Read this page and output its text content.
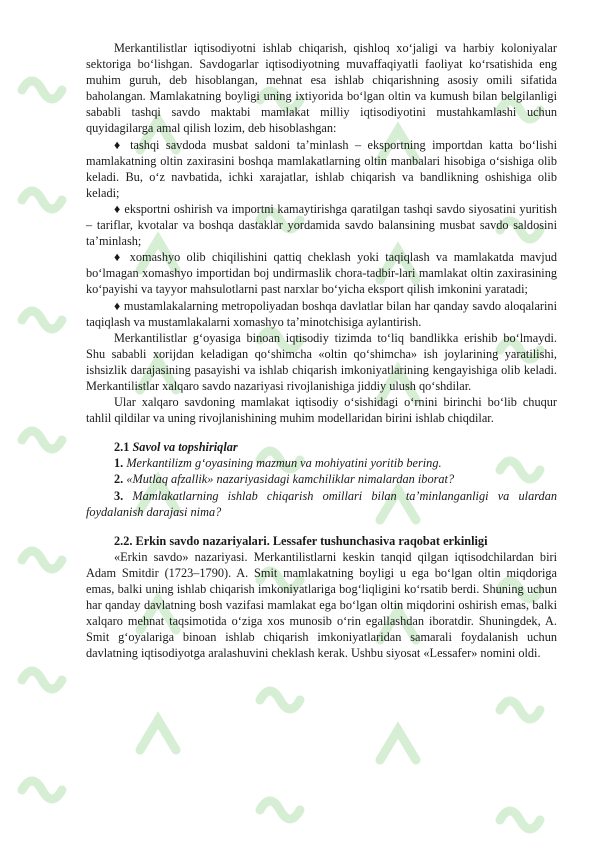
Merkantilistlar iqtisodiyotni ishlab chiqarish, qishloq xo‘jaligi va harbiy koloniyalar sektoriga bo‘lishgan. Savdogarlar iqtisodiyotning muvaffaqiyatli faoliyat ko‘rsatishida eng muhim guruh, deb hisoblangan, mehnat esa ishlab chiqarishning asosiy omili sifatida baholangan. Mamlakatning boyligi uning ixtiyorida bo‘lgan oltin va kumush bilan belgilanligi sababli tashqi savdo maktabi mamlakat milliy iqtisodiyotini mustahkamlashi uchun quyidagilarga amal qilish lozim, deb hisoblashgan:

♦ tashqi savdoda musbat saldoni ta’minlash – eksportning importdan katta bo‘lishi mamlakatning oltin zaxirasini boshqa mamlakatlarning oltin manbalari hisobiga o‘sishiga olib keladi. Bu, o‘z navbatida, ichki xarajatlar, ishlab chiqarish va bandlikning oshishiga olib keladi;

♦ eksportni oshirish va importni kamaytirishga qaratilgan tashqi savdo siyosatini yuritish – tariflar, kvotalar va boshqa dastaklar yordamida savdo balansining musbat savdo saldosini ta’minlash;

♦ xomashyo olib chiqilishini qattiq cheklash yoki taqiqlash va mamlakatda mavjud bo‘lmagan xomashyo importidan boj undirmaslik chora-tadbir-lari mamlakat oltin zaxirasining ko‘payishi va tayyor mahsulotlarni past narxlar bo‘yicha eksport qilish imkonini yaratadi;

♦ mustamlakalarning metropoliyadan boshqa davlatlar bilan har qanday savdo aloqalarini taqiqlash va mustamlakalarni xomashyo ta’minotchisiga aylantirish.

Merkantilistlar g‘oyasiga binoan iqtisodiy tizimda to‘liq bandlikka erishib bo‘lmaydi. Shu sababli xorijdan keladigan qo‘shimcha «oltin qo‘shimcha» ish joylarining yaratilishi, ishsizlik darajasining pasayishi va ishlab chiqarish imkoniyatlarining kengayishiga olib keladi. Merkantilistlar xalqaro savdo nazariyasi rivojlanishiga jiddiy ulush qo‘shdilar.

Ular xalqaro savdoning mamlakat iqtisodiy o‘sishidagi o‘rnini birinchi bo‘lib chuqur tahlil qildilar va uning rivojlanishining muhim modellaridan birini ishlab chiqdilar.

2.1 Savol va topshiriqlar

1. Merkantilizm g‘oyasining mazmun va mohiyatini yoritib bering.

2. «Mutlaq afzallik» nazariyasidagi kamchiliklar nimalardan iborat?

3. Mamlakatlarning ishlab chiqarish omillari bilan ta’minlanganligi va ulardan foydalanish darajasi nima?

2.2. Erkin savdo nazariyalari. Lessafer tushunchasiva raqobat erkinligi

«Erkin savdo» nazariyasi. Merkantilistlarni keskin tanqid qilgan iqtisodchilardan biri Adam Smitdir (1723–1790). A. Smit mamlakatning boyligi u ega bo‘lgan oltin miqdoriga emas, balki uning ishlab chiqarish imkoniyatlariga bog‘liqligini ko‘rsatib berdi. Shuning uchun har qanday davlatning bosh vazifasi mamlakat ega bo‘lgan oltin miqdorini oshirish emas, balki xalqaro mehnat taqsimotida o‘ziga xos munosib o‘rin egallashdan iboratdir. Shuningdek, A. Smit g‘oyalariga binoan ishlab chiqarish imkoniyatlaridan samarali foydalanish uchun davlatning iqtisodiyotga aralashuvini cheklash kerak. Ushbu siyosat «Lessafer» nomini oldi.
